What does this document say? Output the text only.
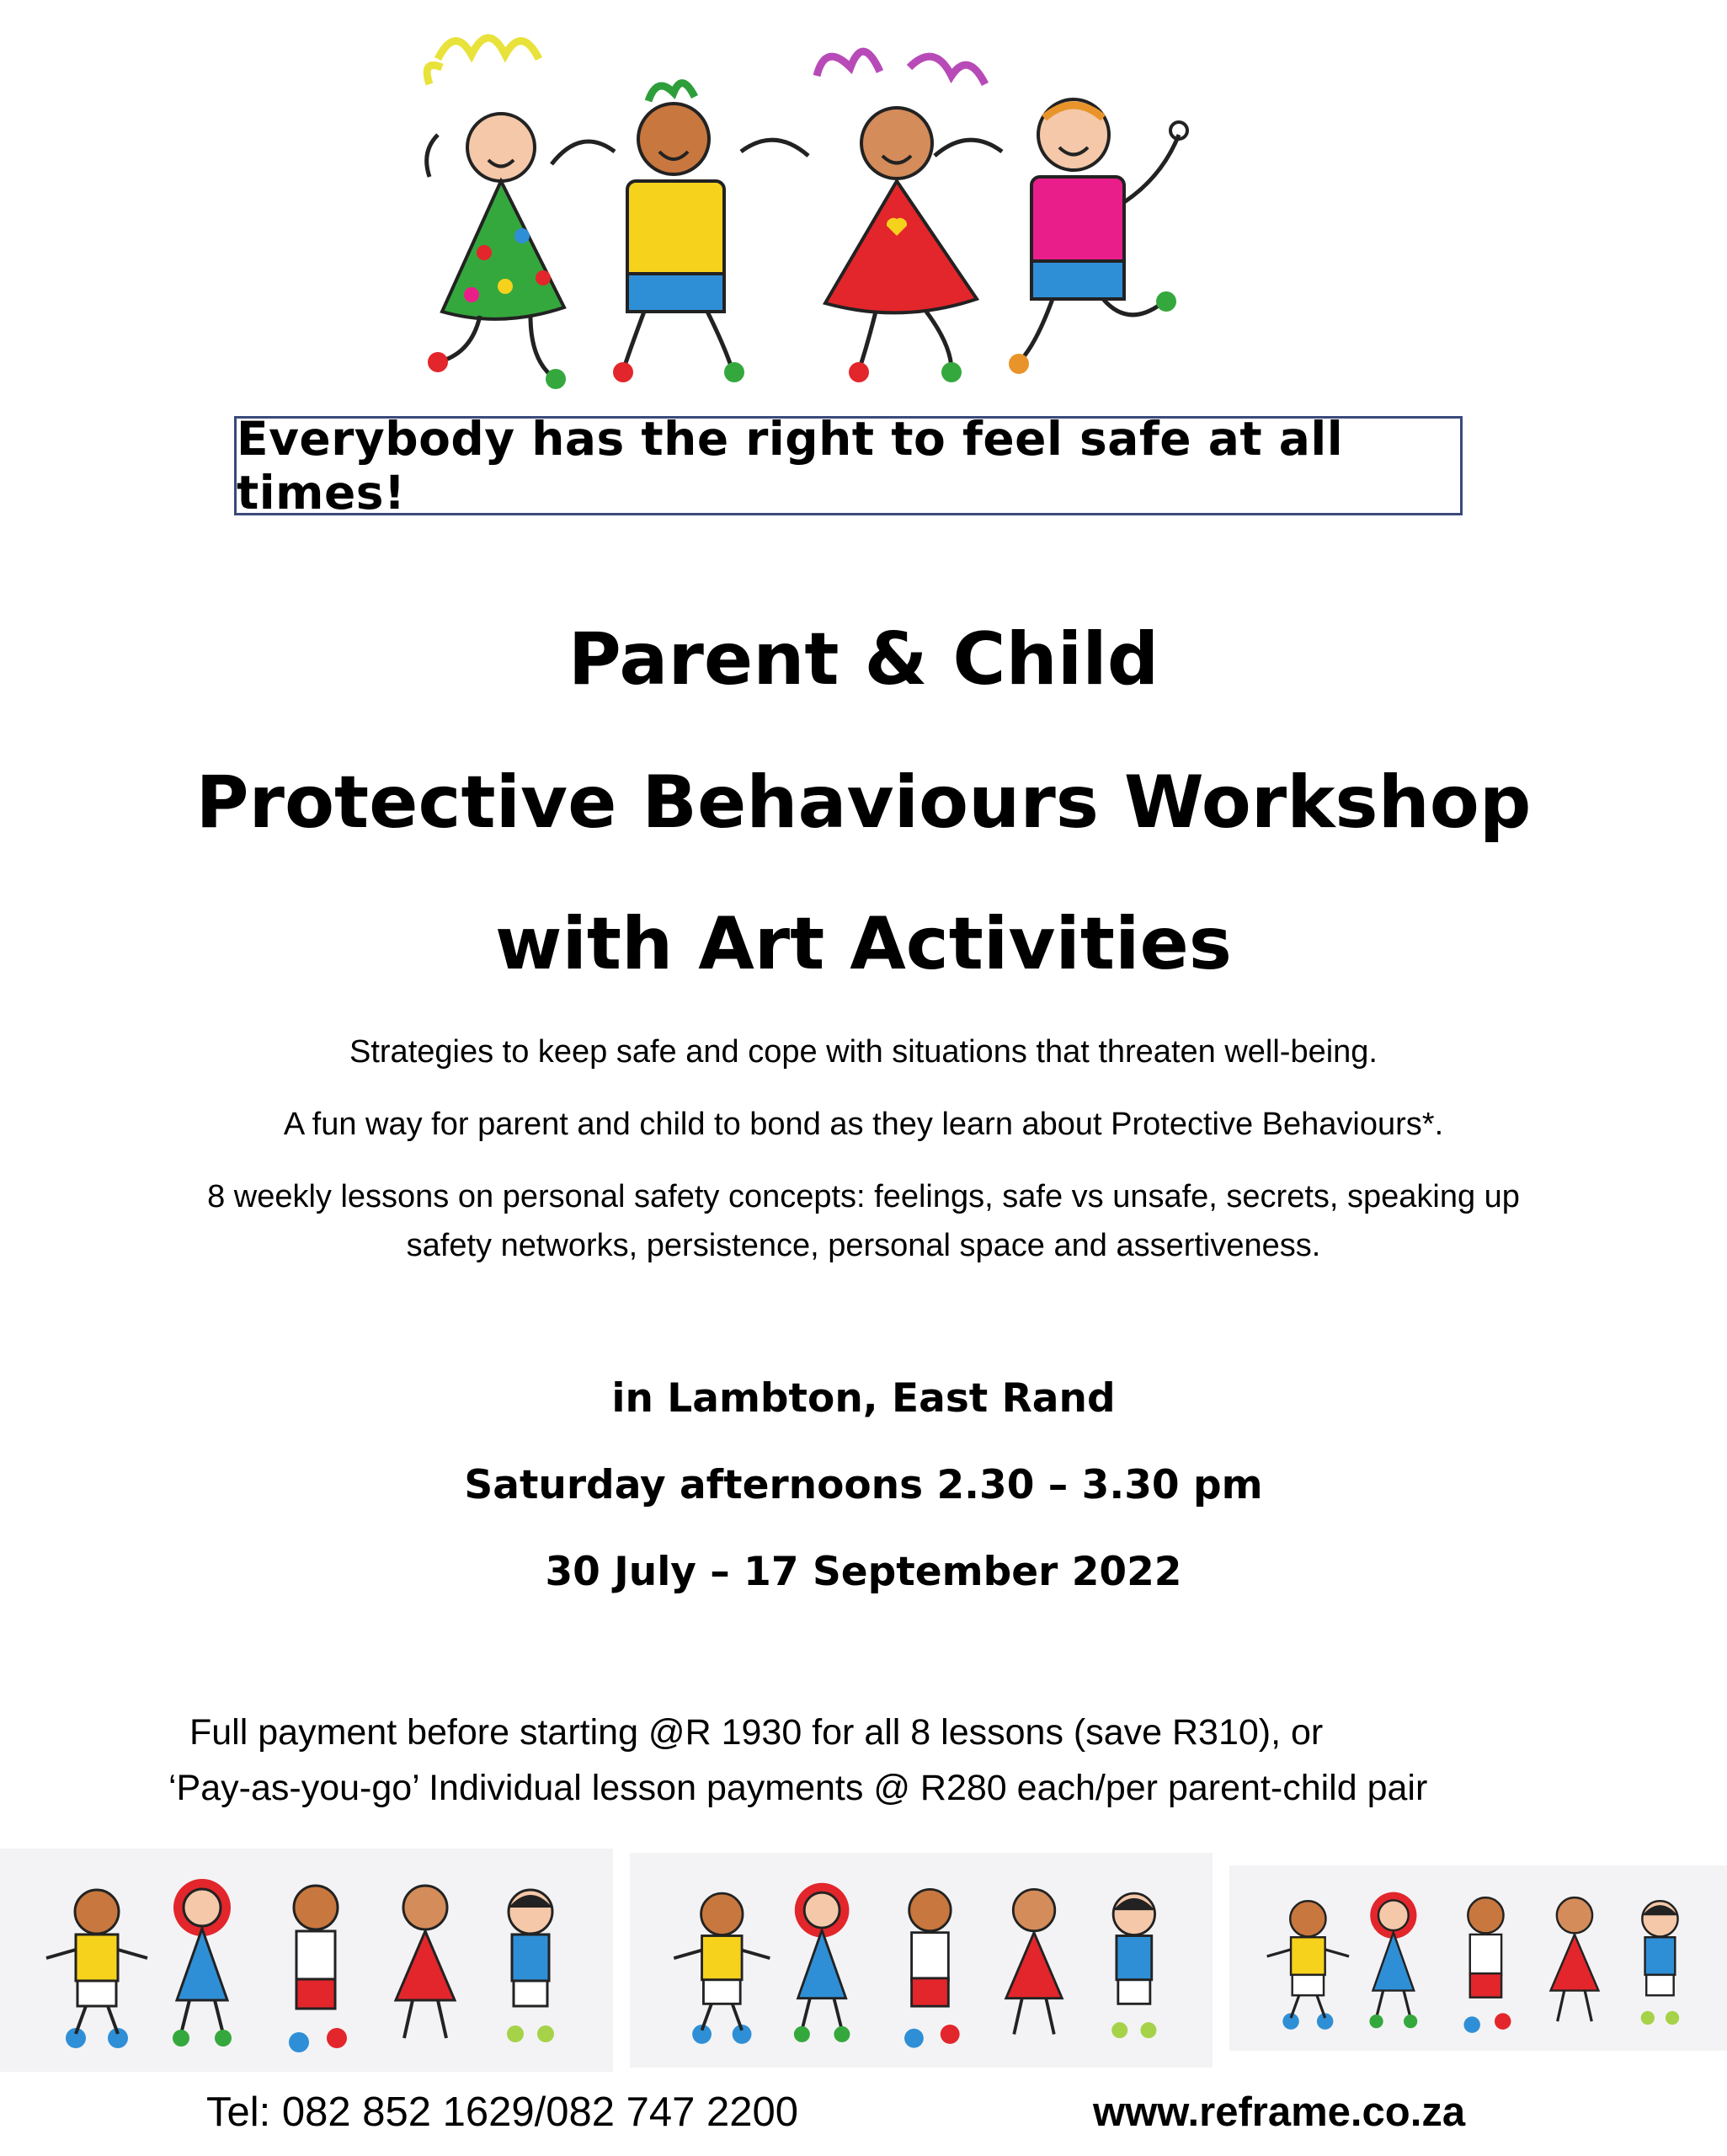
Everybody has the right to feel safe at all times!
Parent & Child
Protective Behaviours Workshop
with Art Activities
Strategies to keep safe and cope with situations that threaten well-being.
A fun way for parent and child to bond as they learn about Protective Behaviours*.
8 weekly lessons on personal safety concepts: feelings, safe vs unsafe, secrets, speaking up
safety networks, persistence, personal space and assertiveness.
in Lambton, East Rand
Saturday afternoons 2.30 – 3.30 pm
30 July – 17 September 2022
Full payment before starting @R 1930 for all 8 lessons (save R310), or
‘Pay-as-you-go’ Individual lesson payments @ R280 each/per parent-child pair
Tel: 082 852 1629/082 747 2200	www.reframe.co.za
